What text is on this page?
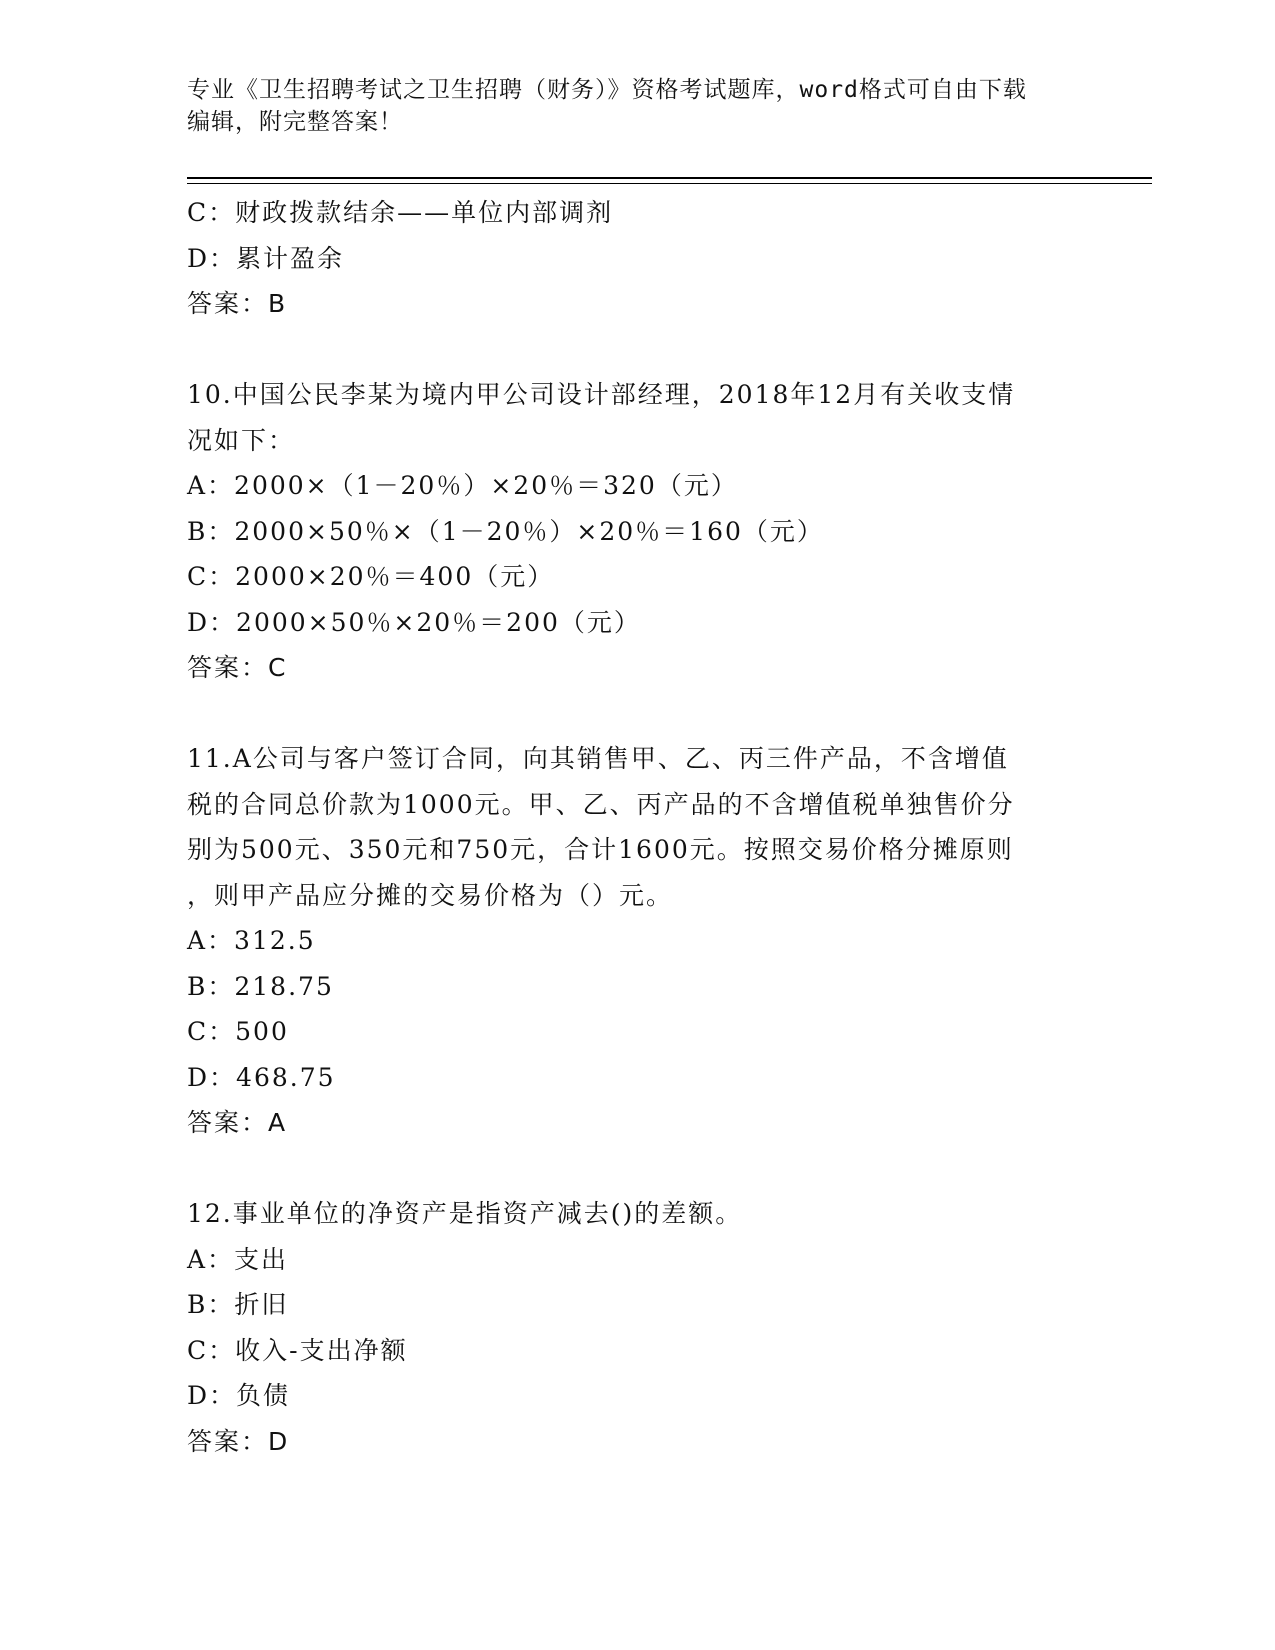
专业《卫生招聘考试之卫生招聘（财务）》资格考试题库，word格式可自由下载
编辑，附完整答案！
C：财政拨款结余——单位内部调剂
D：累计盈余
答案：B
10.中国公民李某为境内甲公司设计部经理，2018年12月有关收支情
况如下：
A：2000×（1－20％）×20％＝320（元）
B：2000×50％×（1－20％）×20％＝160（元）
C：2000×20％＝400（元）
D：2000×50％×20％＝200（元）
答案：C
11.A公司与客户签订合同，向其销售甲、乙、丙三件产品，不含增值
税的合同总价款为1000元。甲、乙、丙产品的不含增值税单独售价分
别为500元、350元和750元，合计1600元。按照交易价格分摊原则
，则甲产品应分摊的交易价格为（）元。
A：312.5
B：218.75
C：500
D：468.75
答案：A
12.事业单位的净资产是指资产减去()的差额。
A：支出
B：折旧
C：收入-支出净额
D：负债
答案：D
